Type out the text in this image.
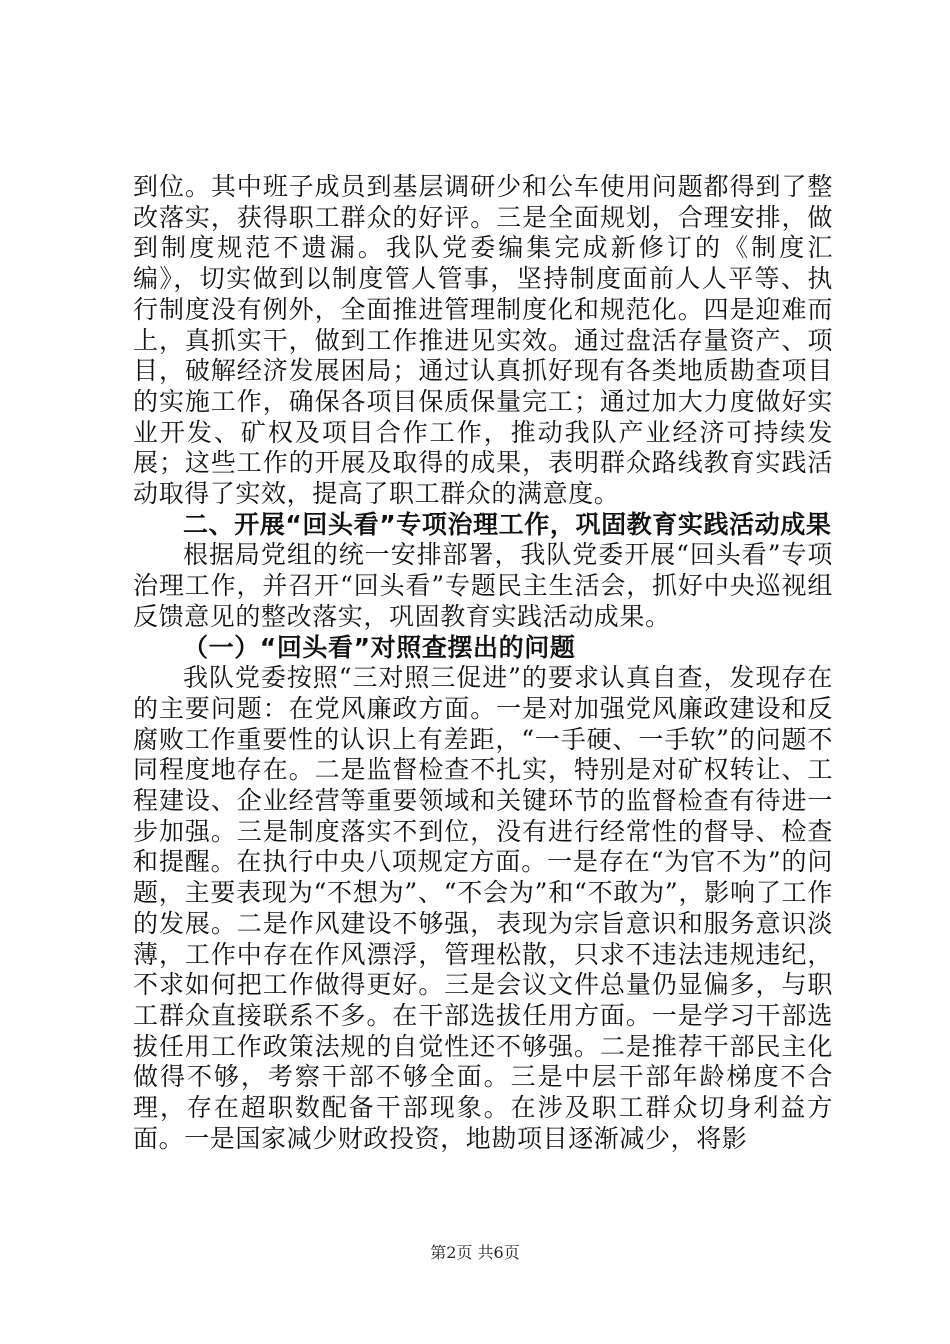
到位。其中班子成员到基层调研少和公车使用问题都得到了整改落实，获得职工群众的好评。三是全面规划，合理安排，做到制度规范不遗漏。我队党委编集完成新修订的《制度汇编》，切实做到以制度管人管事，坚持制度面前人人平等、执行制度没有例外，全面推进管理制度化和规范化。四是迎难而上，真抓实干，做到工作推进见实效。通过盘活存量资产、项目，破解经济发展困局；通过认真抓好现有各类地质勘查项目的实施工作，确保各项目保质保量完工；通过加大力度做好实业开发、矿权及项目合作工作，推动我队产业经济可持续发展；这些工作的开展及取得的成果，表明群众路线教育实践活动取得了实效，提高了职工群众的满意度。

二、开展“回头看”专项治理工作，巩固教育实践活动成果

根据局党组的统一安排部署，我队党委开展“回头看”专项治理工作，并召开“回头看”专题民主生活会，抓好中央巡视组反馈意见的整改落实，巩固教育实践活动成果。

（一）“回头看”对照查摆出的问题

我队党委按照“三对照三促进”的要求认真自查，发现存在的主要问题：在党风廉政方面。一是对加强党风廉政建设和反腐败工作重要性的认识上有差距，“一手硬、一手软”的问题不同程度地存在。二是监督检查不扎实，特别是对矿权转让、工程建设、企业经营等重要领域和关键环节的监督检查有待进一步加强。三是制度落实不到位，没有进行经常性的督导、检查和提醒。在执行中央八项规定方面。一是存在“为官不为”的问题，主要表现为“不想为”、“不会为”和“不敢为”，影响了工作的发展。二是作风建设不够强，表现为宗旨意识和服务意识淡薄，工作中存在作风漂浮，管理松散，只求不违法违规违纪，不求如何把工作做得更好。三是会议文件总量仍显偏多，与职工群众直接联系不多。在干部选拔任用方面。一是学习干部选拔任用工作政策法规的自觉性还不够强。二是推荐干部民主化做得不够，考察干部不够全面。三是中层干部年龄梯度不合理，存在超职数配备干部现象。在涉及职工群众切身利益方面。一是国家减少财政投资，地勘项目逐渐减少，将影

第2页 共6页
